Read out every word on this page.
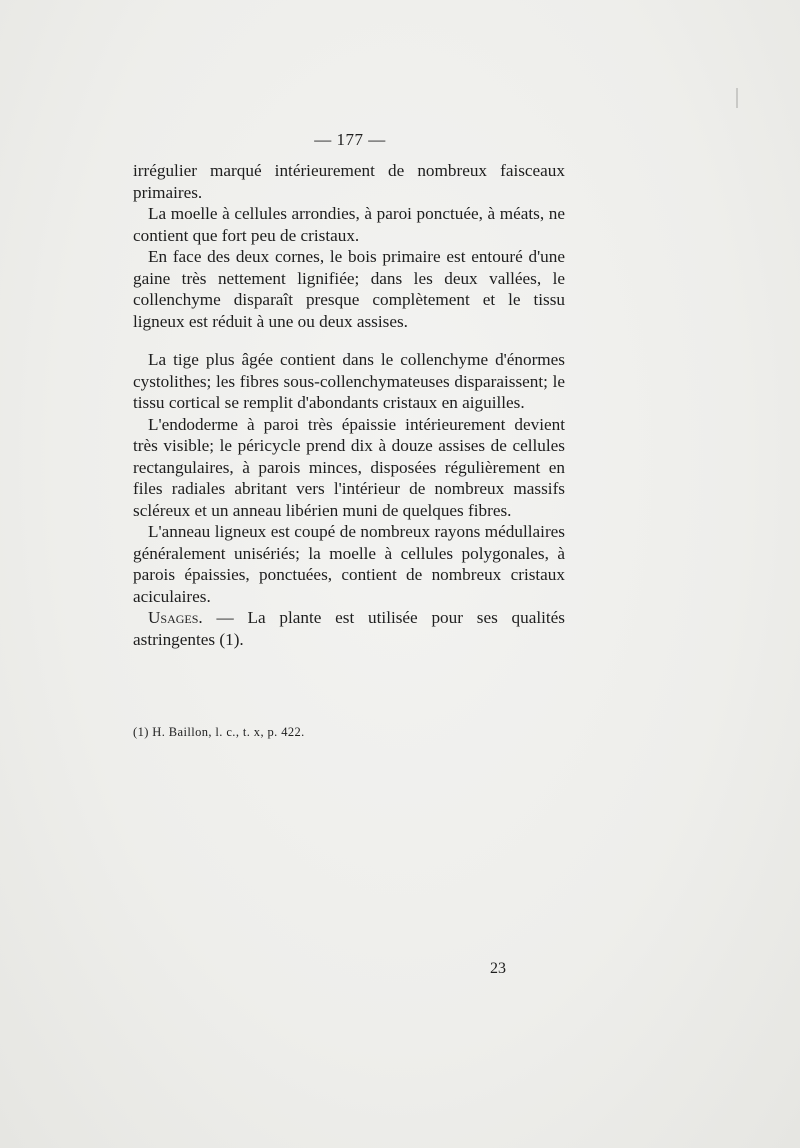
— 177 —

irrégulier marqué intérieurement de nombreux faisceaux primaires.

La moelle à cellules arrondies, à paroi ponctuée, à méats, ne contient que fort peu de cristaux.

En face des deux cornes, le bois primaire est entouré d'une gaine très nettement lignifiée; dans les deux vallées, le collenchyme disparaît presque complètement et le tissu ligneux est réduit à une ou deux assises.

La tige plus âgée contient dans le collenchyme d'énormes cystolithes; les fibres sous-collenchymateuses disparaissent; le tissu cortical se remplit d'abondants cristaux en aiguilles.

L'endoderme à paroi très épaissie intérieurement devient très visible; le péricycle prend dix à douze assises de cellules rectangulaires, à parois minces, disposées régulièrement en files radiales abritant vers l'intérieur de nombreux massifs scléreux et un anneau libérien muni de quelques fibres.

L'anneau ligneux est coupé de nombreux rayons médullaires généralement unisériés; la moelle à cellules polygonales, à parois épaissies, ponctuées, contient de nombreux cristaux aciculaires.

Usages. — La plante est utilisée pour ses qualités astringentes (1).

(1) H. Baillon, l. c., t. x, p. 422.
23
